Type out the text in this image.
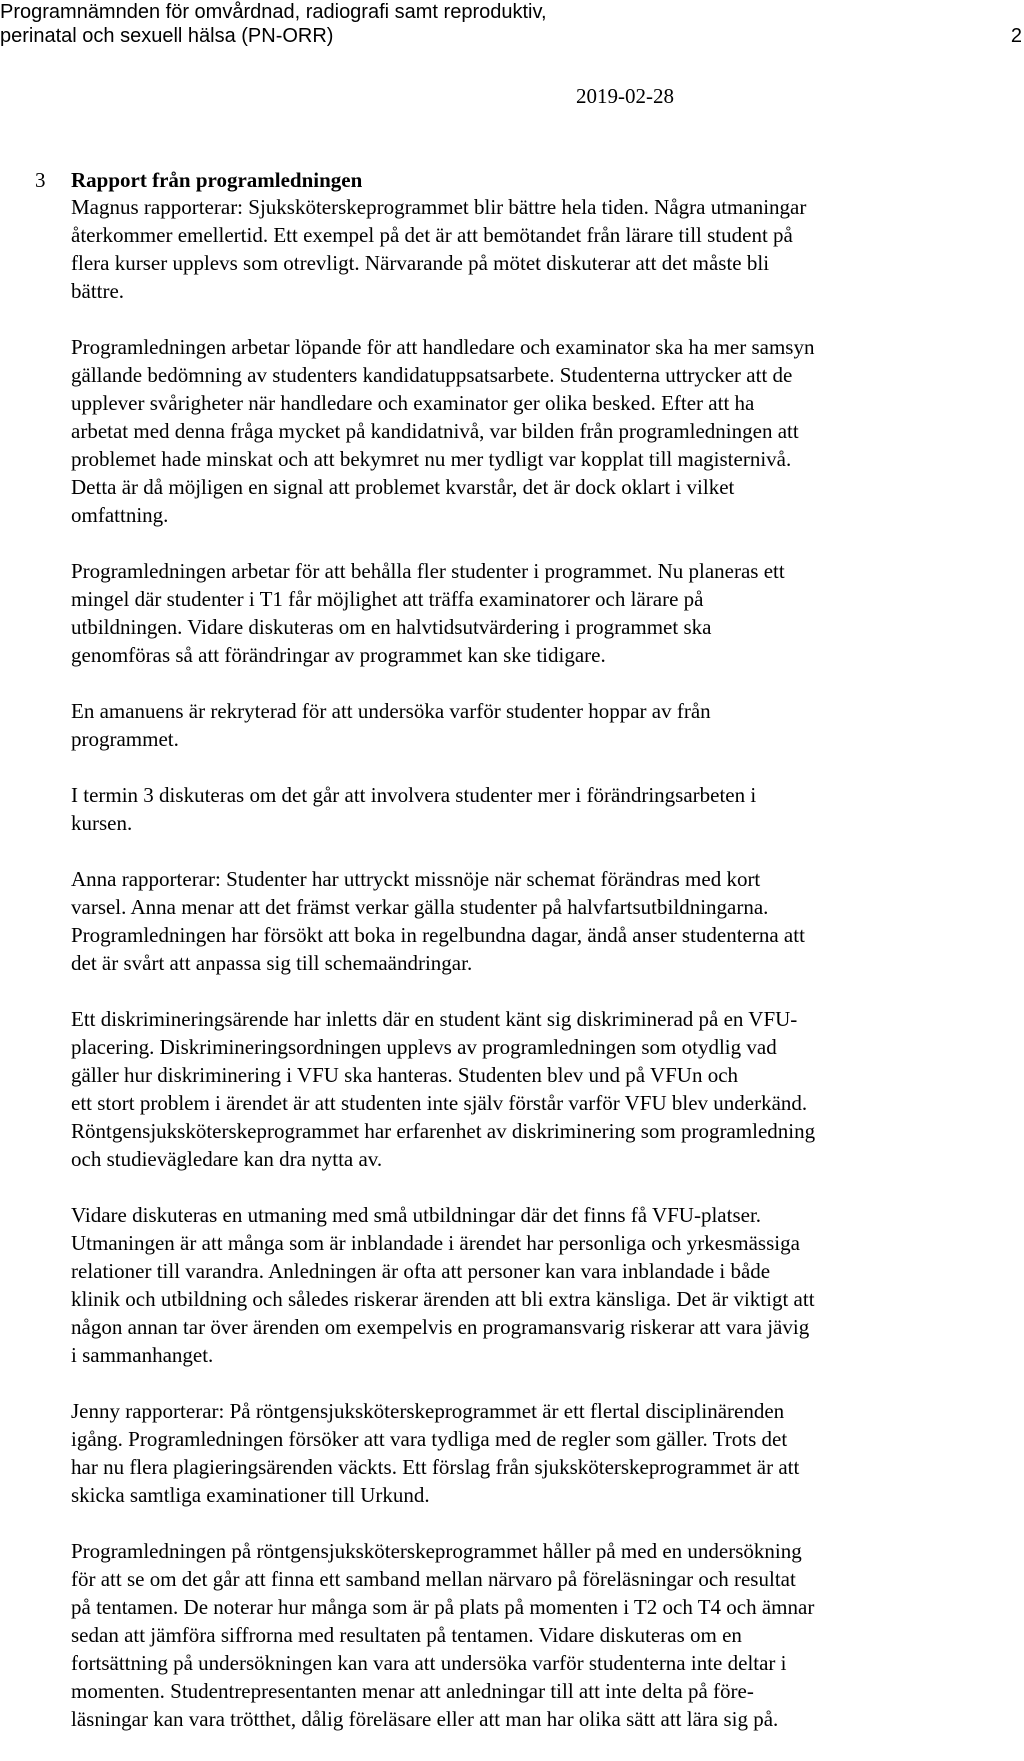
Programnämnden för omvårdnad, radiografi samt reproduktiv,
perinatal och sexuell hälsa (PN-ORR)	2
2019-02-28
3 Rapport från programledningen

Magnus rapporterar: Sjuksköterskeprogrammet blir bättre hela tiden. Några utmaningar
återkommer emellertid. Ett exempel på det är att bemötandet från lärare till student på
flera kurser upplevs som otrevligt. Närvarande på mötet diskuterar att det måste bli
bättre.

Programledningen arbetar löpande för att handledare och examinator ska ha mer samsyn
gällande bedömning av studenters kandidatuppsatsarbete. Studenterna uttrycker att de
upplever svårigheter när handledare och examinator ger olika besked. Efter att ha
arbetat med denna fråga mycket på kandidatnivå, var bilden från programledningen att
problemet hade minskat och att bekymret nu mer tydligt var kopplat till magisternivå.
Detta är då möjligen en signal att problemet kvarstår, det är dock oklart i vilket
omfattning.

Programledningen arbetar för att behålla fler studenter i programmet. Nu planeras ett
mingel där studenter i T1 får möjlighet att träffa examinatorer och lärare på
utbildningen. Vidare diskuteras om en halvtidsutvärdering i programmet ska
genomföras så att förändringar av programmet kan ske tidigare.

En amanuens är rekryterad för att undersöka varför studenter hoppar av från
programmet.

I termin 3 diskuteras om det går att involvera studenter mer i förändringsarbeten i
kursen.

Anna rapporterar: Studenter har uttryckt missnöje när schemat förändras med kort
varsel. Anna menar att det främst verkar gälla studenter på halvfartsutbildningarna.
Programledningen har försökt att boka in regelbundna dagar, ändå anser studenterna att
det är svårt att anpassa sig till schemaändringar.

Ett diskrimineringsärende har inletts där en student känt sig diskriminerad på en VFU-
placering. Diskrimineringsordningen upplevs av programledningen som otydlig vad
gäller hur diskriminering i VFU ska hanteras. Studenten blev und på VFUn och
ett stort problem i ärendet är att studenten inte själv förstår varför VFU blev underkänd.
Röntgensjuksköterskeprogrammet har erfarenhet av diskriminering som programledning
och studievägledare kan dra nytta av.

Vidare diskuteras en utmaning med små utbildningar där det finns få VFU-platser.
Utmaningen är att många som är inblandade i ärendet har personliga och yrkesmässiga
relationer till varandra. Anledningen är ofta att personer kan vara inblandade i både
klinik och utbildning och således riskerar ärenden att bli extra känsliga. Det är viktigt att
någon annan tar över ärenden om exempelvis en programansvarig riskerar att vara jävig
i sammanhanget.

Jenny rapporterar: På röntgensjuksköterskeprogrammet är ett flertal disciplinärenden
igång. Programledningen försöker att vara tydliga med de regler som gäller. Trots det
har nu flera plagieringsärenden väckts. Ett förslag från sjuksköterskeprogrammet är att
skicka samtliga examinationer till Urkund.

Programledningen på röntgensjuksköterskeprogrammet håller på med en undersökning
för att se om det går att finna ett samband mellan närvaro på föreläsningar och resultat
på tentamen. De noterar hur många som är på plats på momenten i T2 och T4 och ämnar
sedan att jämföra siffrorna med resultaten på tentamen. Vidare diskuteras om en
fortsättning på undersökningen kan vara att undersöka varför studenterna inte deltar i
momenten. Studentrepresentanten menar att anledningar till att inte delta på före-
läsningar kan vara trötthet, dålig föreläsare eller att man har olika sätt att lära sig på.
